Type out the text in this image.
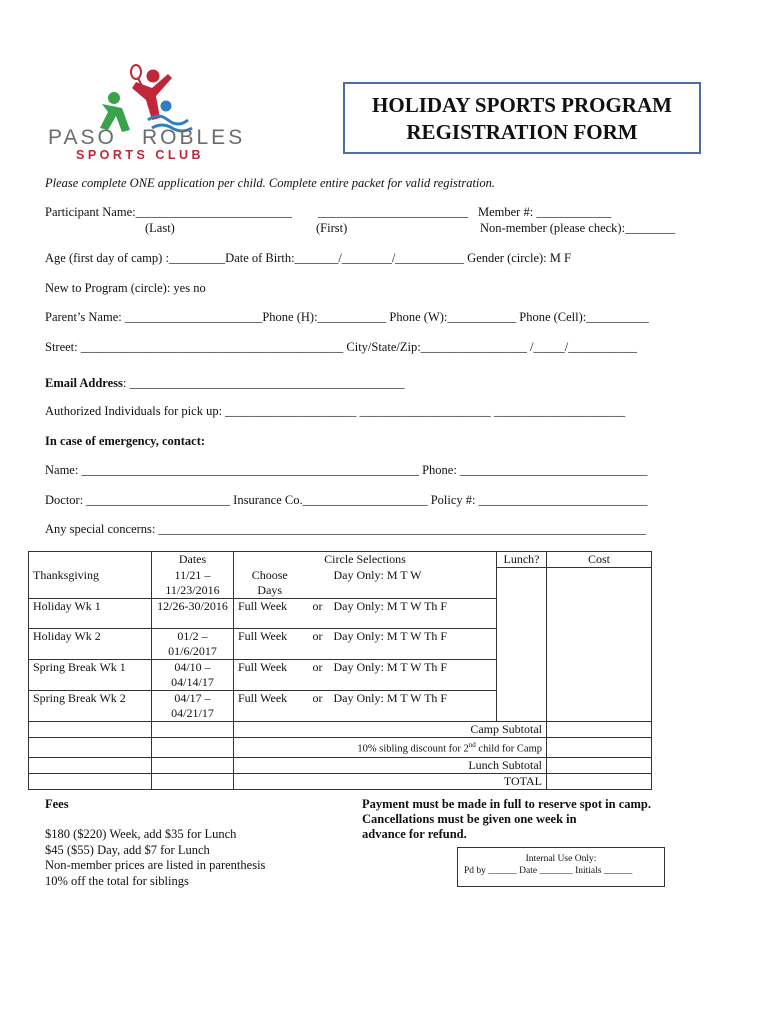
PASO ROBLES
SPORTS CLUB
HOLIDAY SPORTS PROGRAM
REGISTRATION FORM
Please complete ONE application per child. Complete entire packet for valid registration.
Participant Name:_________________________ ________________________ Member #: ____________
(Last)	(First)	Non-member (please check):________
Age (first day of camp) :_________Date of Birth:_______/________/___________ Gender (circle): M F
New to Program (circle): yes no
Parent’s Name: ______________________Phone (H):___________ Phone (W):___________ Phone (Cell):__________
Street: __________________________________________ City/State/Zip:_________________ /_____/___________
Email Address: ____________________________________________
Authorized Individuals for pick up: _____________________ _____________________ _____________________
In case of emergency, contact:
Name: ______________________________________________________ Phone: ______________________________
Doctor: _______________________ Insurance Co.____________________ Policy #: ___________________________
Any special concerns: ______________________________________________________________________________
	Dates	Circle Selections			Lunch?	Cost
Thanksgiving	11/21 – 11/23/2016	Choose Days		Day Only: M T W		
Holiday Wk 1	12/26-30/2016	Full Week	or	Day Only: M T W Th F		
Holiday Wk 2	01/2 – 01/6/2017	Full Week	or	Day Only: M T W Th F		
Spring Break Wk 1	04/10 – 04/14/17	Full Week	or	Day Only: M T W Th F		
Spring Break Wk 2	04/17 – 04/21/17	Full Week	or	Day Only: M T W Th F		
		Camp Subtotal				
		10% sibling discount for 2nd child for Camp				
		Lunch Subtotal				
		TOTAL				
Fees
$180 ($220) Week, add $35 for Lunch
$45 ($55) Day, add $7 for Lunch
Non-member prices are listed in parenthesis
10% off the total for siblings
Payment must be made in full to reserve spot in camp.
Cancellations must be given one week in
advance for refund.
Internal Use Only:
Pd by ______ Date _______ Initials ______
